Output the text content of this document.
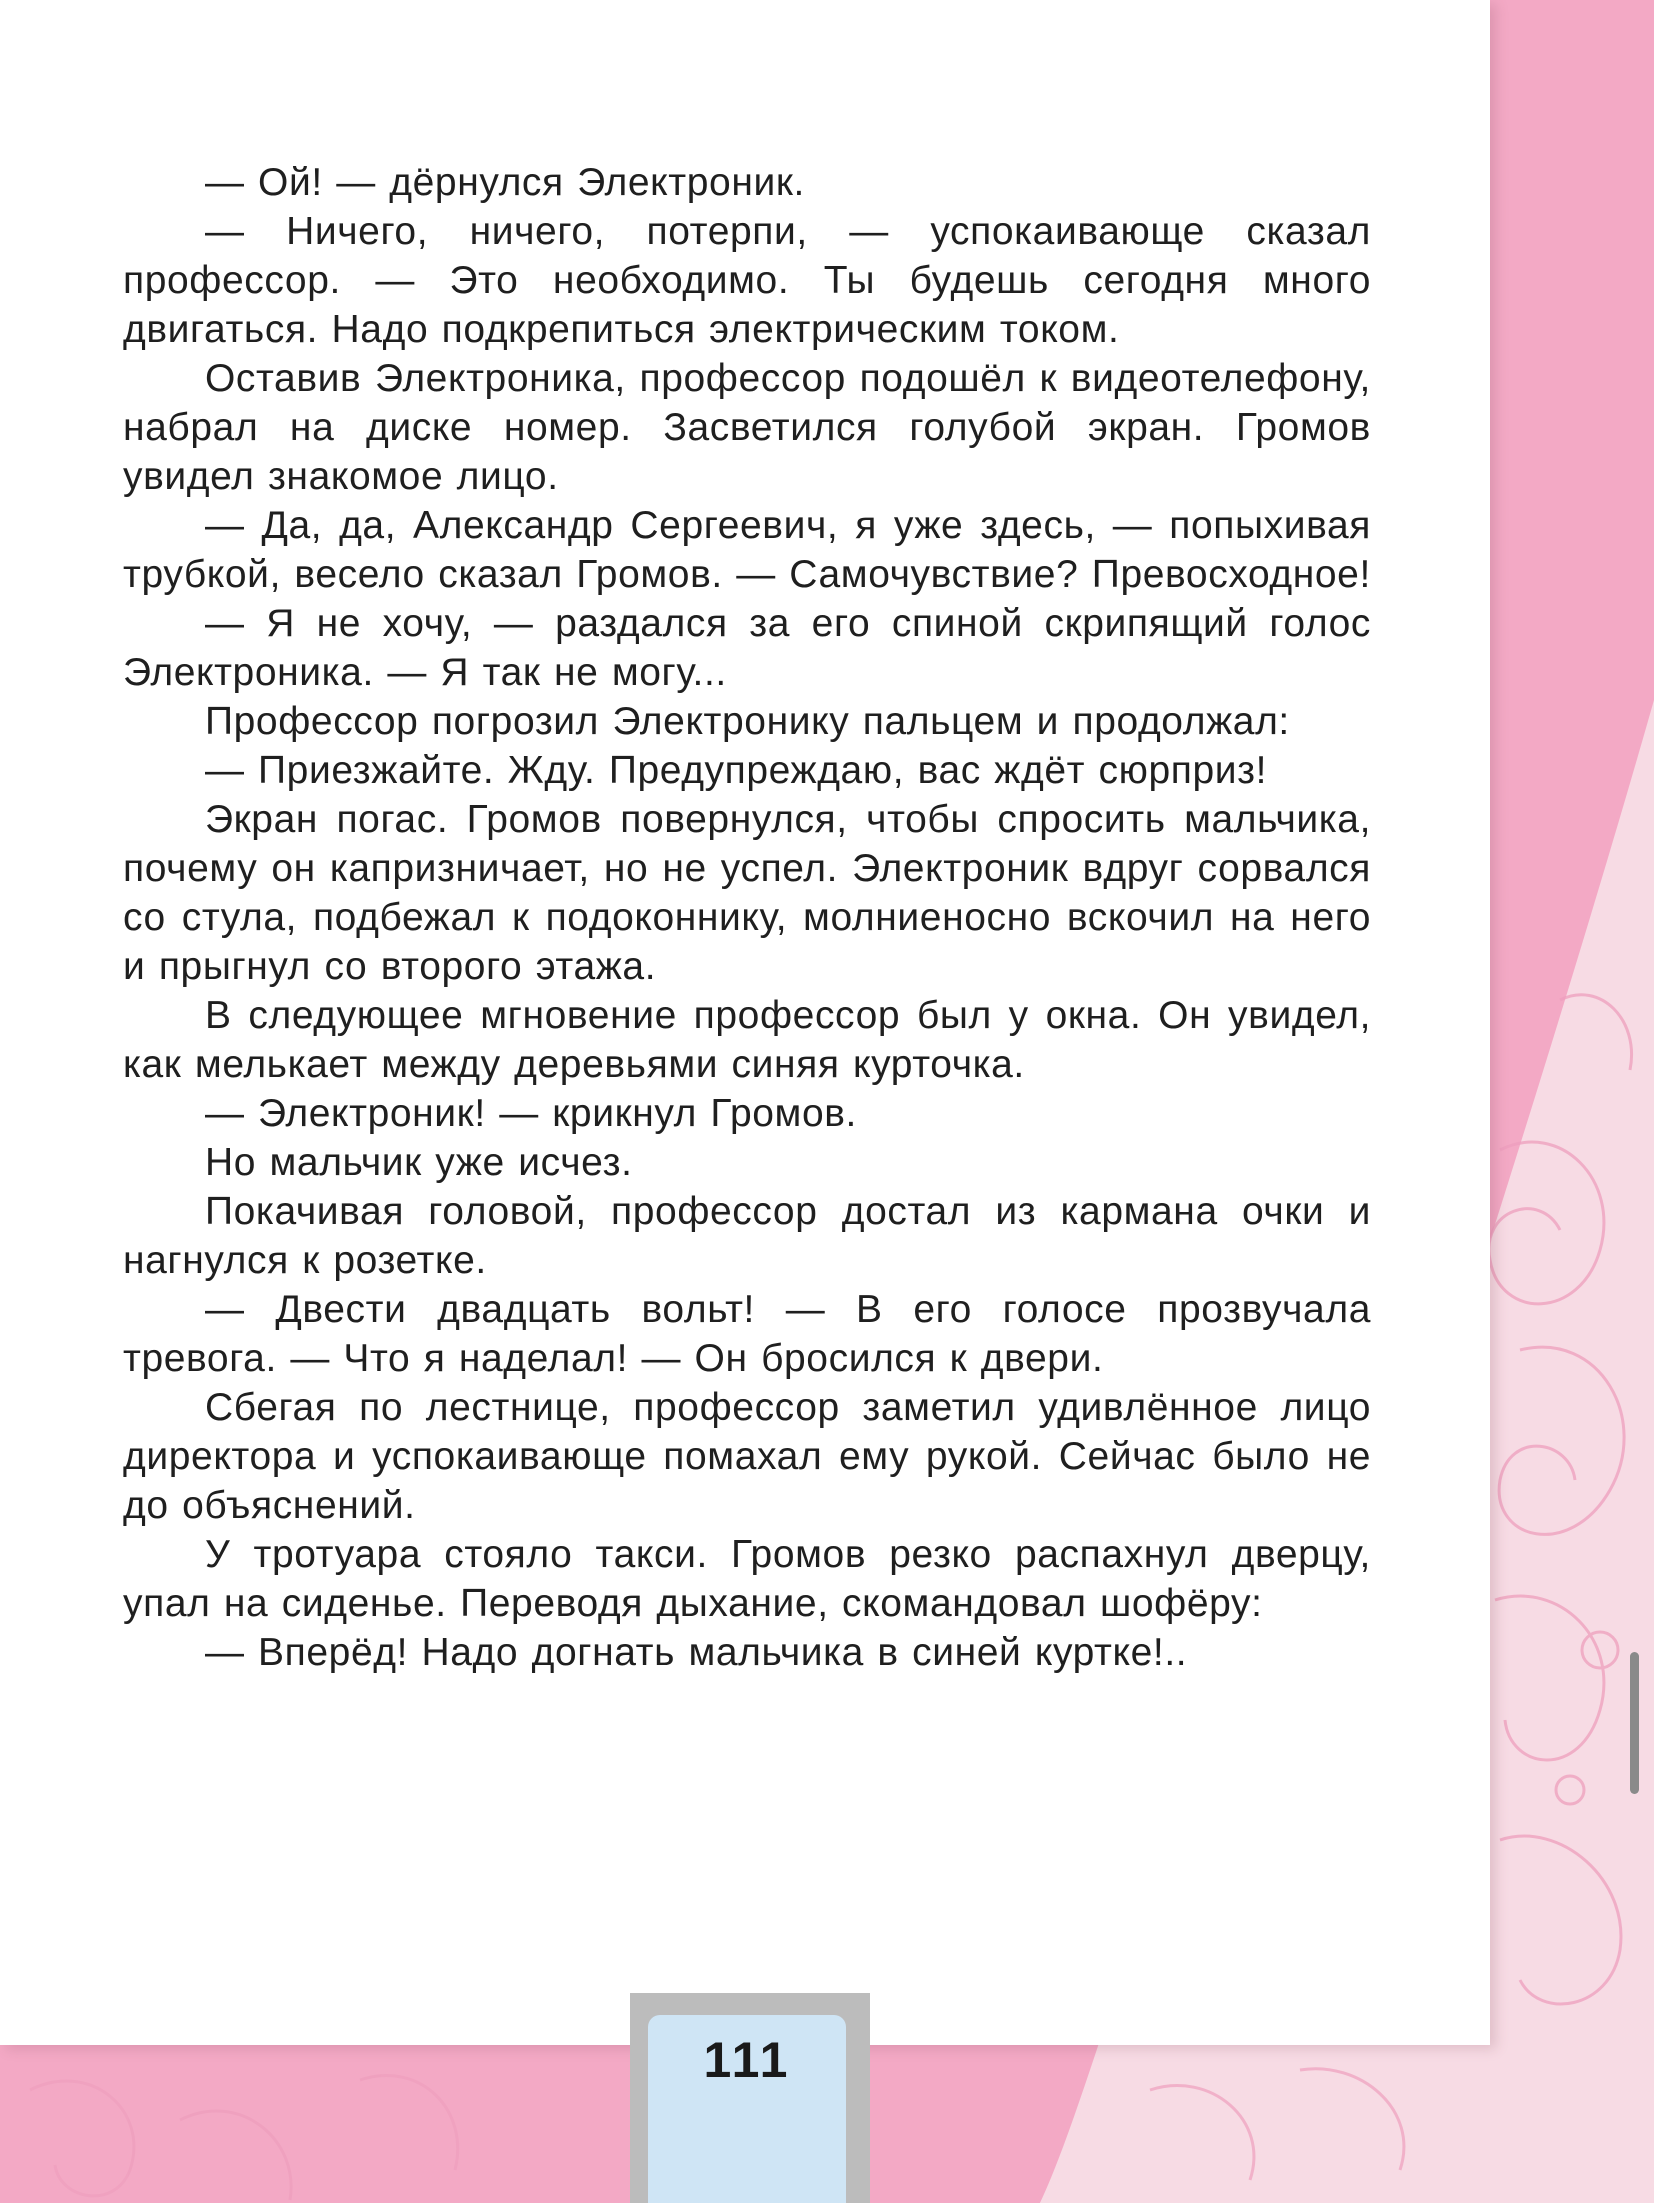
— Ой! — дёрнулся Электроник.

— Ничего, ничего, потерпи, — успокаивающе сказал профессор. — Это необходимо. Ты будешь сегодня много двигаться. Надо подкрепиться электрическим током.

Оставив Электроника, профессор подошёл к видеотелефону, набрал на диске номер. Засветился голубой экран. Громов увидел знакомое лицо.

— Да, да, Александр Сергеевич, я уже здесь, — попыхивая трубкой, весело сказал Громов. — Самочувствие? Превосходное!

— Я не хочу, — раздался за его спиной скрипящий голос Электроника. — Я так не могу...

Профессор погрозил Электронику пальцем и продолжал:

— Приезжайте. Жду. Предупреждаю, вас ждёт сюрприз!

Экран погас. Громов повернулся, чтобы спросить мальчика, почему он капризничает, но не успел. Электроник вдруг сорвался со стула, подбежал к подоконнику, молниеносно вскочил на него и прыгнул со второго этажа.

В следующее мгновение профессор был у окна. Он увидел, как мелькает между деревьями синяя курточка.

— Электроник! — крикнул Громов.

Но мальчик уже исчез.

Покачивая головой, профессор достал из кармана очки и нагнулся к розетке.

— Двести двадцать вольт! — В его голосе прозвучала тревога. — Что я наделал! — Он бросился к двери.

Сбегая по лестнице, профессор заметил удивлённое лицо директора и успокаивающе помахал ему рукой. Сейчас было не до объяснений.

У тротуара стояло такси. Громов резко распахнул дверцу, упал на сиденье. Переводя дыхание, скомандовал шофёру:

— Вперёд! Надо догнать мальчика в синей куртке!..

111
